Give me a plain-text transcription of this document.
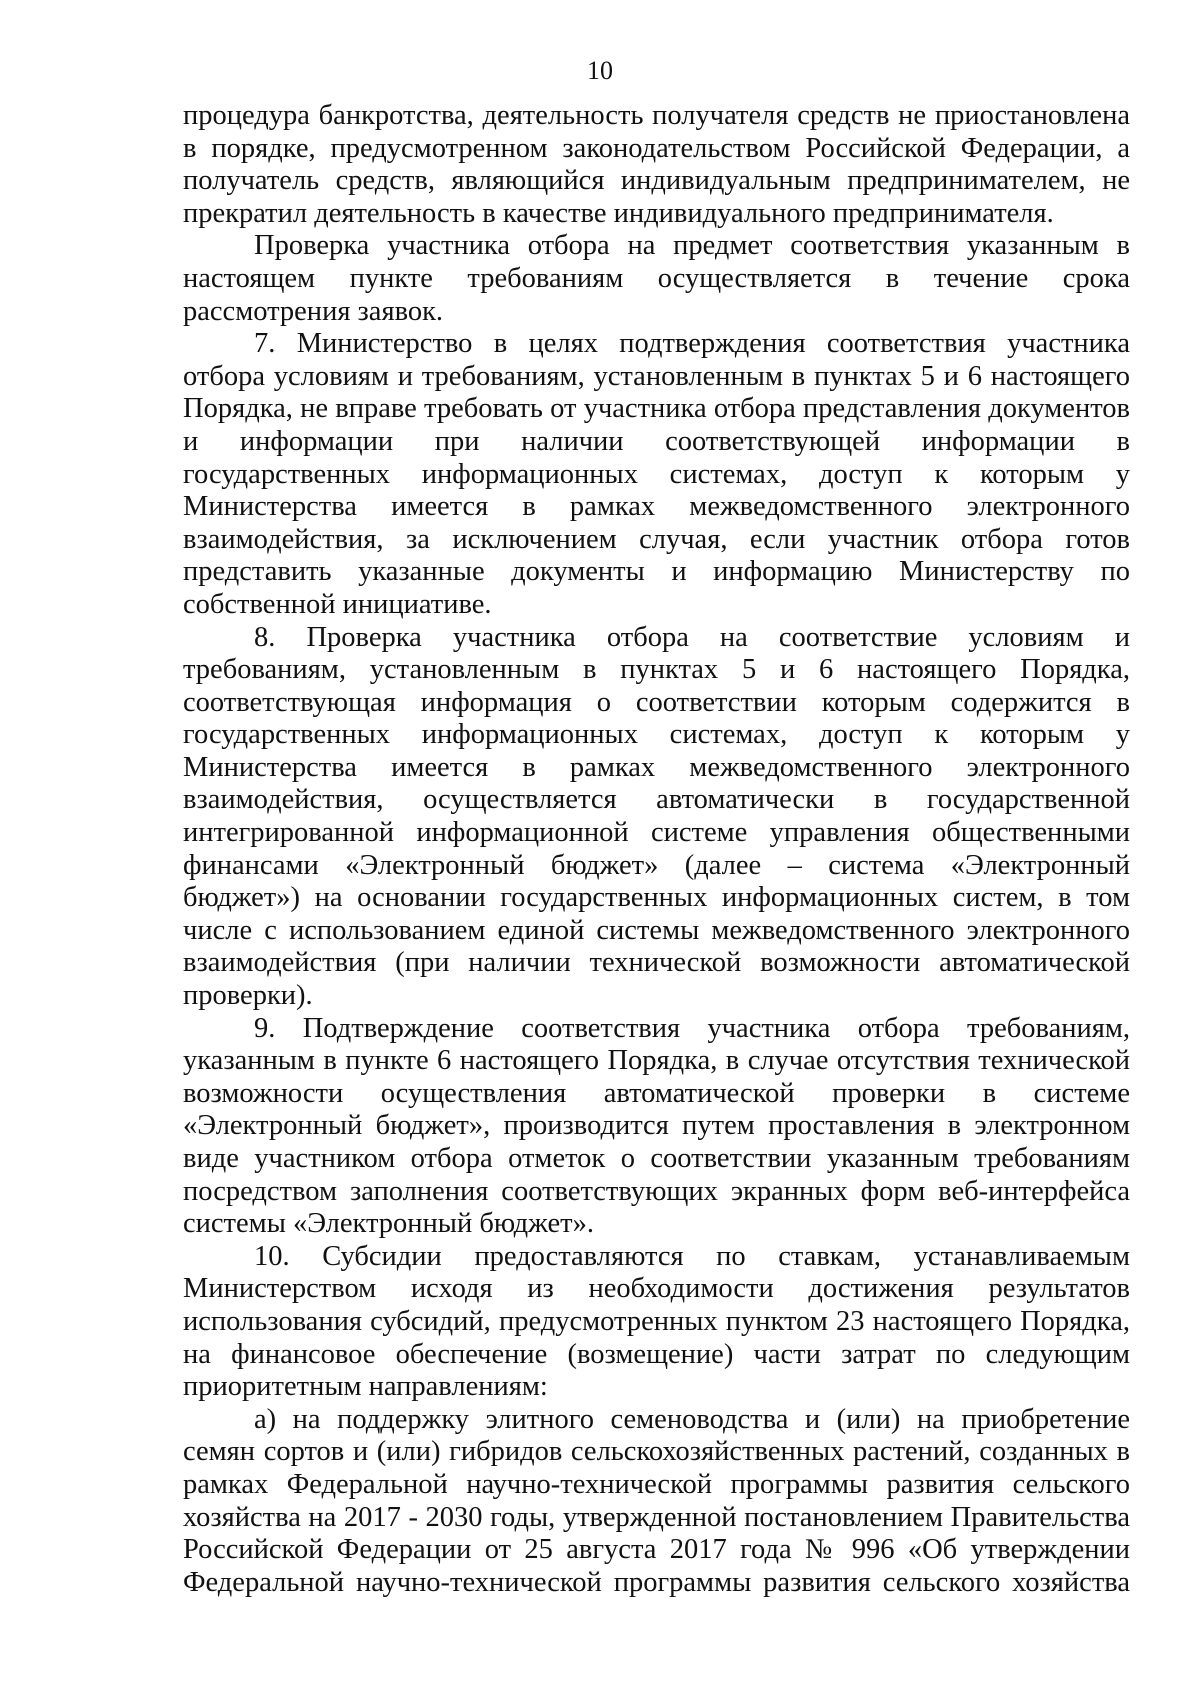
10

процедура банкротства, деятельность получателя средств не приостановлена в порядке, предусмотренном законодательством Российской Федерации, а получатель средств, являющийся индивидуальным предпринимателем, не прекратил деятельность в качестве индивидуального предпринимателя.

Проверка участника отбора на предмет соответствия указанным в настоящем пункте требованиям осуществляется в течение срока рассмотрения заявок.

7. Министерство в целях подтверждения соответствия участника отбора условиям и требованиям, установленным в пунктах 5 и 6 настоящего Порядка, не вправе требовать от участника отбора представления документов и информации при наличии соответствующей информации в государственных информационных системах, доступ к которым у Министерства имеется в рамках межведомственного электронного взаимодействия, за исключением случая, если участник отбора готов представить указанные документы и информацию Министерству по собственной инициативе.

8. Проверка участника отбора на соответствие условиям и требованиям, установленным в пунктах 5 и 6 настоящего Порядка, соответствующая информация о соответствии которым содержится в государственных информационных системах, доступ к которым у Министерства имеется в рамках межведомственного электронного взаимодействия, осуществляется автоматически в государственной интегрированной информационной системе управления общественными финансами «Электронный бюджет» (далее – система «Электронный бюджет») на основании государственных информационных систем, в том числе с использованием единой системы межведомственного электронного взаимодействия (при наличии технической возможности автоматической проверки).

9. Подтверждение соответствия участника отбора требованиям, указанным в пункте 6 настоящего Порядка, в случае отсутствия технической возможности осуществления автоматической проверки в системе «Электронный бюджет», производится путем проставления в электронном виде участником отбора отметок о соответствии указанным требованиям посредством заполнения соответствующих экранных форм веб-интерфейса системы «Электронный бюджет».

10. Субсидии предоставляются по ставкам, устанавливаемым Министерством исходя из необходимости достижения результатов использования субсидий, предусмотренных пунктом 23 настоящего Порядка, на финансовое обеспечение (возмещение) части затрат по следующим приоритетным направлениям:

а) на поддержку элитного семеноводства и (или) на приобретение семян сортов и (или) гибридов сельскохозяйственных растений, созданных в рамках Федеральной научно-технической программы развития сельского хозяйства на 2017 - 2030 годы, утвержденной постановлением Правительства Российской Федерации от 25 августа 2017 года № 996 «Об утверждении Федеральной научно-технической программы развития сельского хозяйства
